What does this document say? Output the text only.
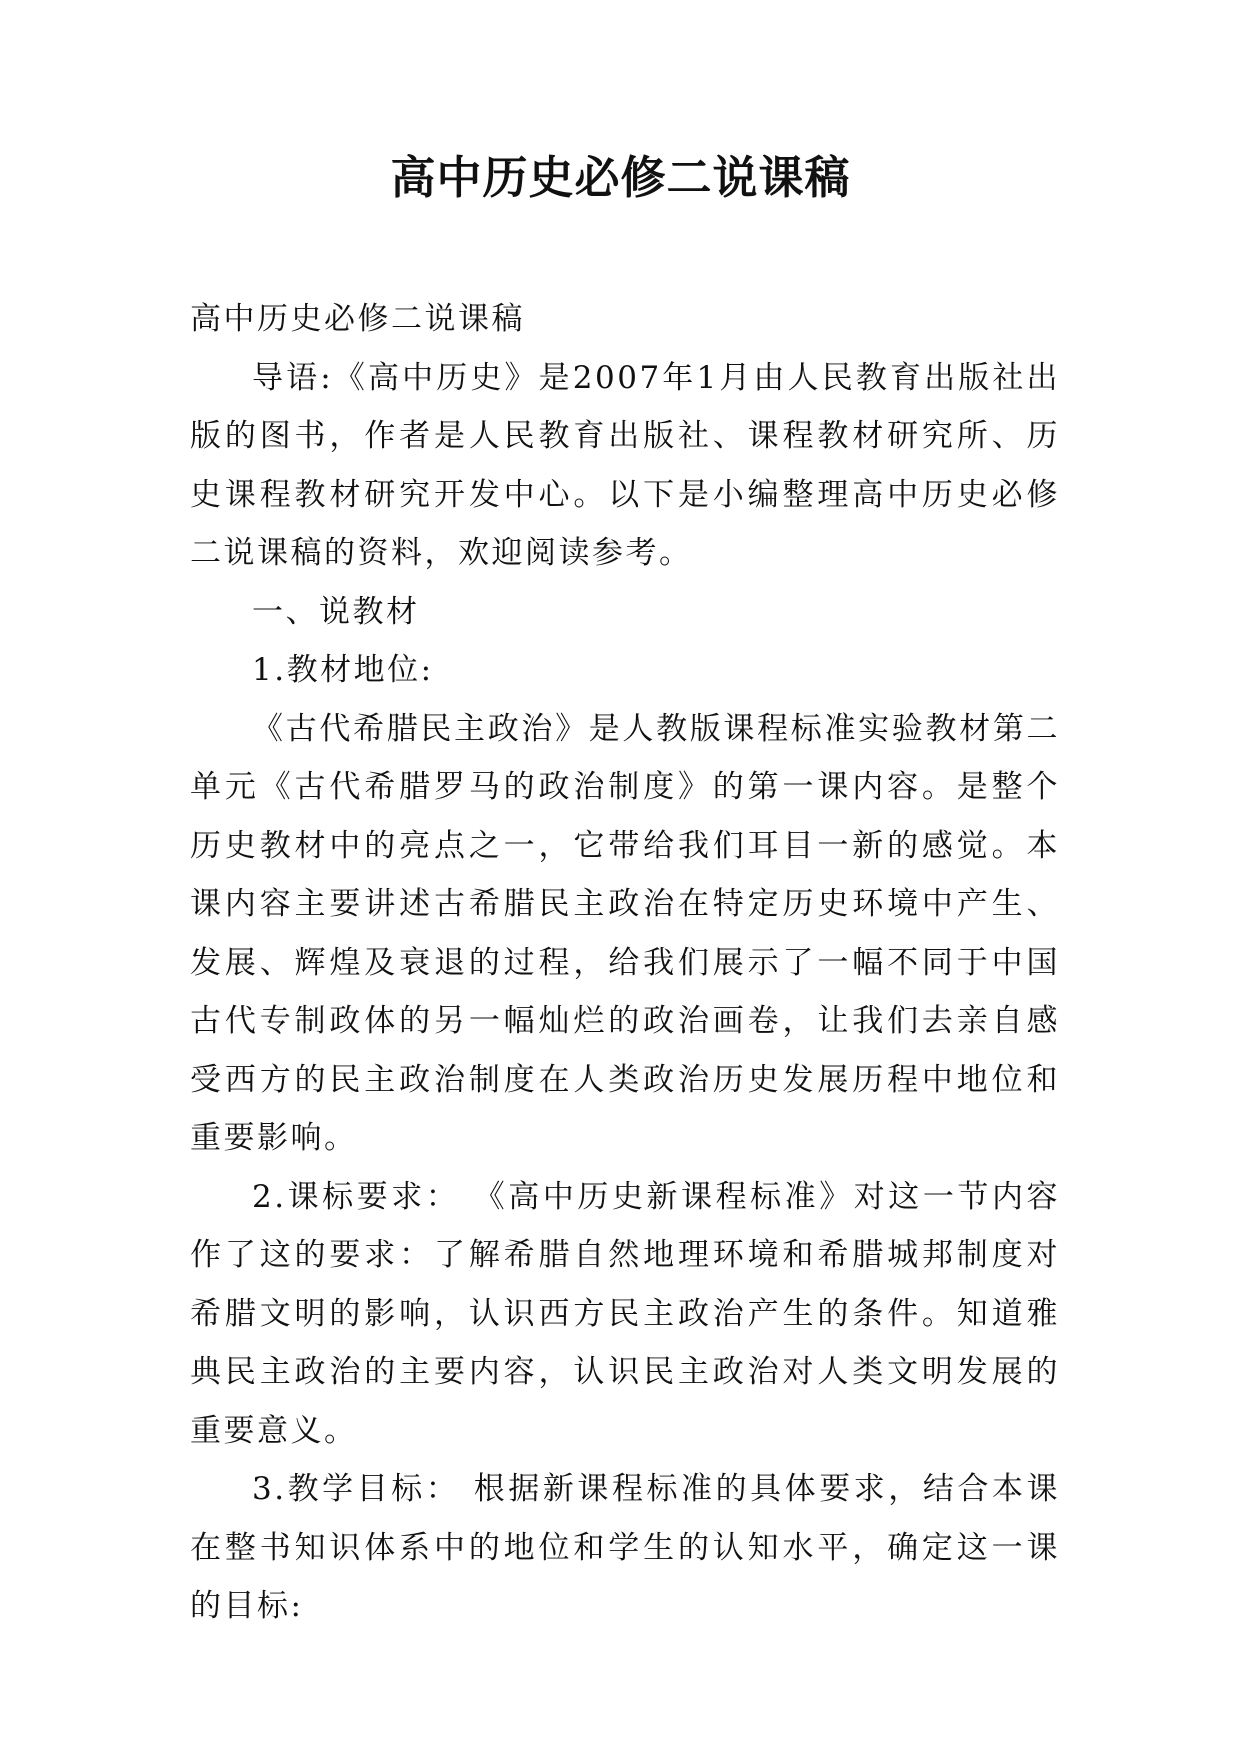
高中历史必修二说课稿

高中历史必修二说课稿

导语:《高中历史》是2007年1月由人民教育出版社出版的图书，作者是人民教育出版社、课程教材研究所、历史课程教材研究开发中心。以下是小编整理高中历史必修二说课稿的资料，欢迎阅读参考。

一、说教材

1.教材地位:

《古代希腊民主政治》是人教版课程标准实验教材第二单元《古代希腊罗马的政治制度》的第一课内容。是整个历史教材中的亮点之一，它带给我们耳目一新的感觉。本课内容主要讲述古希腊民主政治在特定历史环境中产生、发展、辉煌及衰退的过程，给我们展示了一幅不同于中国古代专制政体的另一幅灿烂的政治画卷，让我们去亲自感受西方的民主政治制度在人类政治历史发展历程中地位和重要影响。

2.课标要求： 《高中历史新课程标准》对这一节内容作了这的要求：了解希腊自然地理环境和希腊城邦制度对希腊文明的影响，认识西方民主政治产生的条件。知道雅典民主政治的主要内容，认识民主政治对人类文明发展的重要意义。

3.教学目标： 根据新课程标准的具体要求，结合本课在整书知识体系中的地位和学生的认知水平，确定这一课的目标:
